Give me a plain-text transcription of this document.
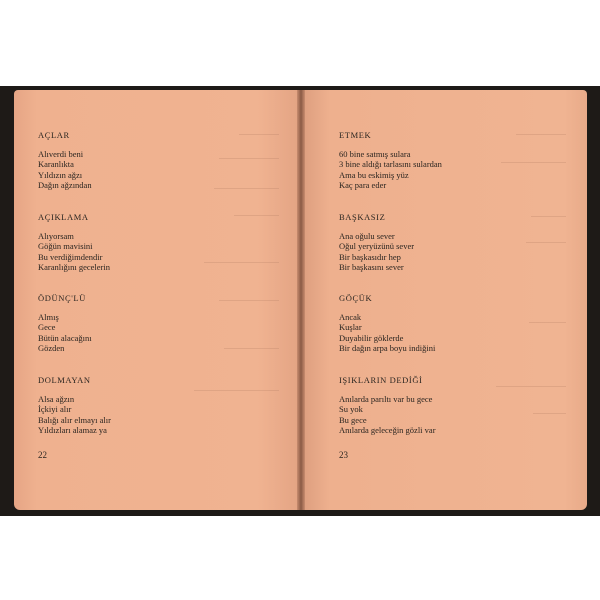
AÇLAR
Alıverdi beni
Karanlıkta
Yıldızın ağzı
Dağın ağzından
AÇIKLAMA
Alıyorsam
Göğün mavisini
Bu verdiğimdendir
Karanlığını gecelerin
ÖDÜNÇ'LÜ
Almış
Gece
Bütün alacağını
Gözden
DOLMAYAN
Alsa ağzın
İçkiyi alır
Balığı alır elmayı alır
Yıldızları alamaz ya
22
ETMEK
60 bine satmış sulara
3 bine aldığı tarlasını sulardan
Ama bu eskimiş yüz
Kaç para eder
BAŞKASIZ
Ana oğulu sever
Oğul yeryüzünü sever
Bir başkasıdır hep
Bir başkasını sever
GÖÇÜK
Ancak
Kuşlar
Duyabilir göklerde
Bir dağın arpa boyu indiğini
IŞIKLARIN DEDİĞİ
Anılarda parıltı var bu gece
Su yok
Bu gece
Anılarda geleceğin gözli var
23
